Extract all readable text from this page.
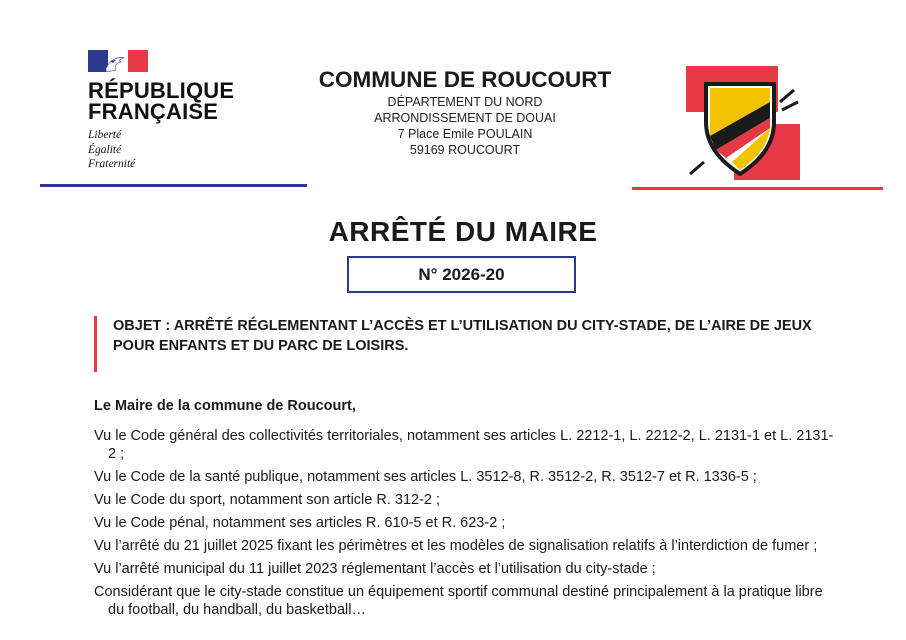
RÉPUBLIQUE
FRANÇAISE
Liberté
Égalité
Fraternité
COMMUNE DE ROUCOURT
DÉPARTEMENT DU NORD
ARRONDISSEMENT DE DOUAI
7 Place Emile POULAIN
59169 ROUCOURT
ARRÊTÉ DU MAIRE
N° 2026-20
OBJET : ARRÊTÉ RÉGLEMENTANT L’ACCÈS ET L’UTILISATION DU CITY-STADE, DE L’AIRE DE JEUX POUR ENFANTS ET DU PARC DE LOISIRS.
Le Maire de la commune de Roucourt,
Vu le Code général des collectivités territoriales, notamment ses articles L. 2212-1, L. 2212-2, L. 2131-1 et L. 2131-2 ;
Vu le Code de la santé publique, notamment ses articles L. 3512-8, R. 3512-2, R. 3512-7 et R. 1336-5 ;
Vu le Code du sport, notamment son article R. 312-2 ;
Vu le Code pénal, notamment ses articles R. 610-5 et R. 623-2 ;
Vu l’arrêté du 21 juillet 2025 fixant les périmètres et les modèles de signalisation relatifs à l’interdiction de fumer ;
Vu l’arrêté municipal du 11 juillet 2023 réglementant l’accès et l’utilisation du city-stade ;
Considérant que le city-stade constitue un équipement sportif communal destiné principalement à la pratique libre du football, du handball, du basketball…
